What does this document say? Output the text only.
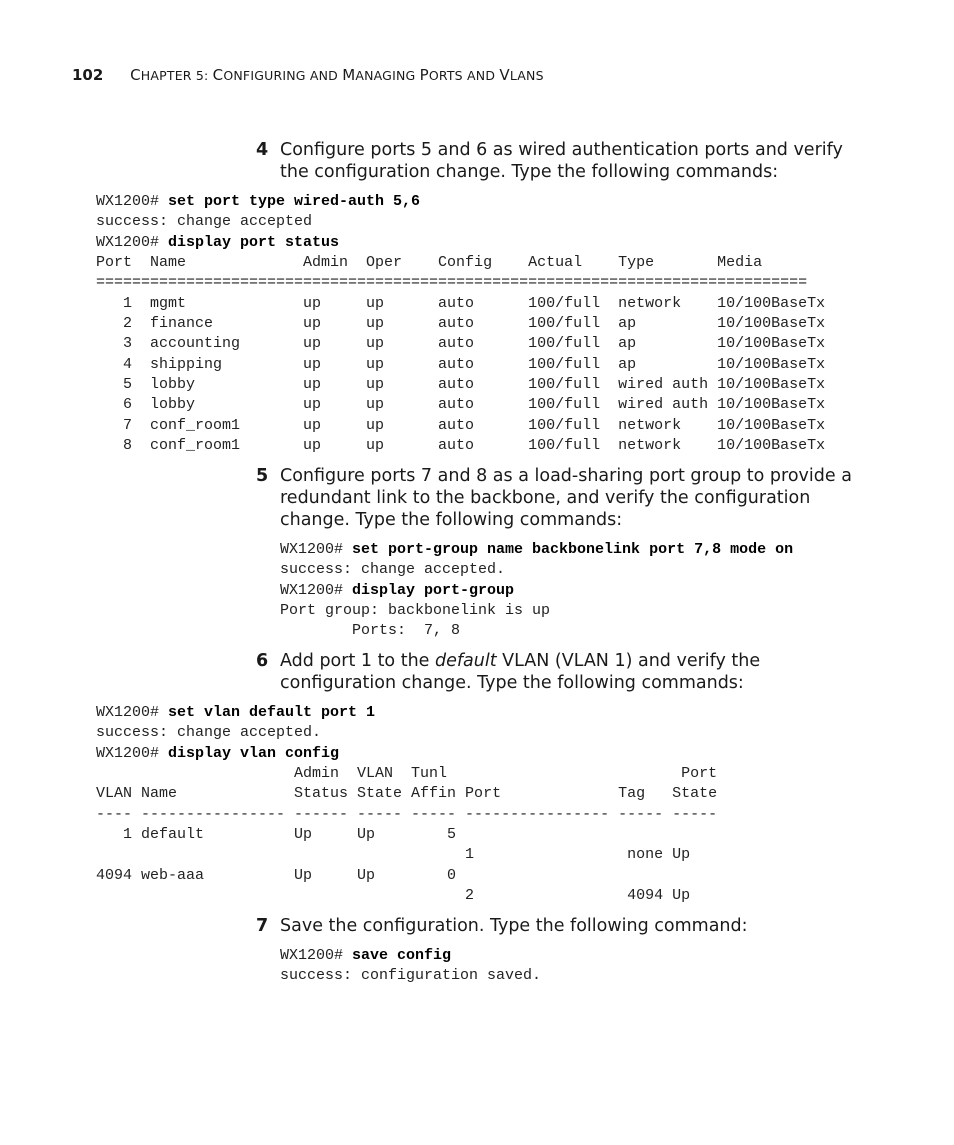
102 CHAPTER 5: CONFIGURING AND MANAGING PORTS AND VLANS
4 Configure ports 5 and 6 as wired authentication ports and verify the configuration change. Type the following commands:
WX1200# set port type wired-auth 5,6
success: change accepted
WX1200# display port status
Port  Name             Admin  Oper    Config    Actual    Type       Media
===============================================================================
1  mgmt             up     up      auto      100/full  network    10/100BaseTx
2  finance          up     up      auto      100/full  ap         10/100BaseTx
3  accounting       up     up      auto      100/full  ap         10/100BaseTx
4  shipping         up     up      auto      100/full  ap         10/100BaseTx
5  lobby            up     up      auto      100/full  wired auth 10/100BaseTx
6  lobby            up     up      auto      100/full  wired auth 10/100BaseTx
7  conf_room1       up     up      auto      100/full  network    10/100BaseTx
8  conf_room1       up     up      auto      100/full  network    10/100BaseTx
5 Configure ports 7 and 8 as a load-sharing port group to provide a redundant link to the backbone, and verify the configuration change. Type the following commands:
WX1200# set port-group name backbonelink port 7,8 mode on
success: change accepted.
WX1200# display port-group
Port group: backbonelink is up
Ports:  7, 8
6 Add port 1 to the default VLAN (VLAN 1) and verify the configuration change. Type the following commands:
WX1200# set vlan default port 1
success: change accepted.
WX1200# display vlan config
Admin  VLAN  Tunl                          Port
VLAN Name             Status State Affin Port             Tag   State
---- ---------------- ------ ----- ----- ---------------- ----- -----
1 default          Up     Up        5
1                 none Up
4094 web-aaa          Up     Up        0
2                 4094 Up
7 Save the configuration. Type the following command:
WX1200# save config
success: configuration saved.
